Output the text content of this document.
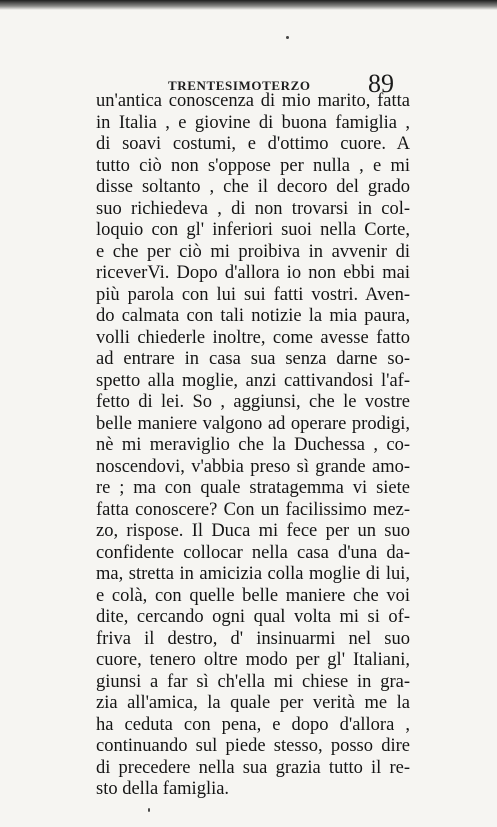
TRENTESIMOTERZO 89
un'antica conoscenza di mio marito, fatta
in Italia , e giovine di buona famiglia ,
di soavi costumi, e d'ottimo cuore. A
tutto ciò non s'oppose per nulla , e mi
disse soltanto , che il decoro del grado
suo richiedeva , di non trovarsi in col-
loquio con gl' inferiori suoi nella Corte,
e che per ciò mi proibiva in avvenir di
riceverVi. Dopo d'allora io non ebbi mai
più parola con lui sui fatti vostri. Aven-
do calmata con tali notizie la mia paura,
volli chiederle inoltre, come avesse fatto
ad entrare in casa sua senza darne so-
spetto alla moglie, anzi cattivandosi l'af-
fetto di lei. So , aggiunsi, che le vostre
belle maniere valgono ad operare prodigi,
nè mi meraviglio che la Duchessa , co-
noscendovi, v'abbia preso sì grande amo-
re ; ma con quale stratagemma vi siete
fatta conoscere? Con un facilissimo mez-
zo, rispose. Il Duca mi fece per un suo
confidente collocar nella casa d'una da-
ma, stretta in amicizia colla moglie di lui,
e colà, con quelle belle maniere che voi
dite, cercando ogni qual volta mi si of-
friva il destro, d' insinuarmi nel suo
cuore, tenero oltre modo per gl' Italiani,
giunsi a far sì ch'ella mi chiese in gra-
zia all'amica, la quale per verità me la
ha ceduta con pena, e dopo d'allora ,
continuando sul piede stesso, posso dire
di precedere nella sua grazia tutto il re-
sto della famiglia.
